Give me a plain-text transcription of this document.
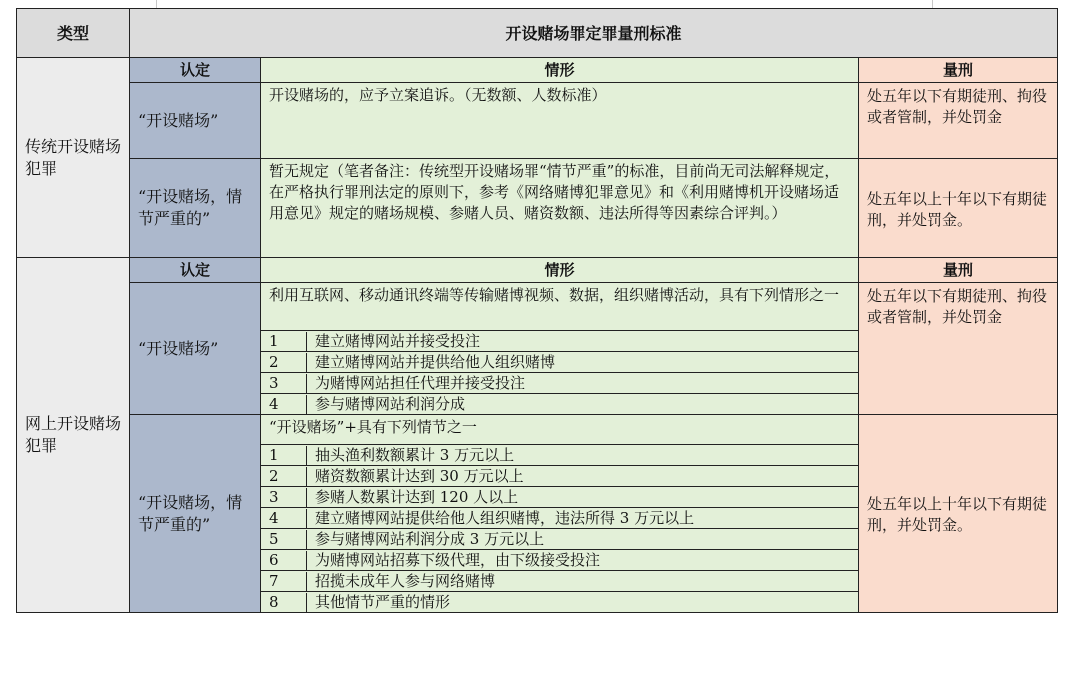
类型	开设赌场罪定罪量刑标准
传统开设赌场犯罪	认定	情形	量刑
“开设赌场”	开设赌场的，应予立案追诉。（无数额、人数标准）	处五年以下有期徒刑、拘役或者管制，并处罚金
“开设赌场，情节严重的”	暂无规定（笔者备注：传统型开设赌场罪“情节严重”的标准，目前尚无司法解释规定，在严格执行罪刑法定的原则下，参考《网络赌博犯罪意见》和《利用赌博机开设赌场适用意见》规定的赌场规模、参赌人员、赌资数额、违法所得等因素综合评判。）	处五年以上十年以下有期徒刑，并处罚金。
网上开设赌场犯罪	认定	情形	量刑
“开设赌场”	利用互联网、移动通讯终端等传输赌博视频、数据，组织赌博活动，具有下列情形之一	处五年以下有期徒刑、拘役或者管制，并处罚金

1	建立赌博网站并接受投注

2	建立赌博网站并提供给他人组织赌博

3	为赌博网站担任代理并接受投注

4	参与赌博网站利润分成

“开设赌场，情节严重的”	“开设赌场”+具有下列情节之一	处五年以上十年以下有期徒刑，并处罚金。

1	抽头渔利数额累计 3 万元以上

2	赌资数额累计达到 30 万元以上

3	参赌人数累计达到 120 人以上

4	建立赌博网站提供给他人组织赌博，违法所得 3 万元以上

5	参与赌博网站利润分成 3 万元以上

6	为赌博网站招募下级代理，由下级接受投注

7	招揽未成年人参与网络赌博

8	其他情节严重的情形
